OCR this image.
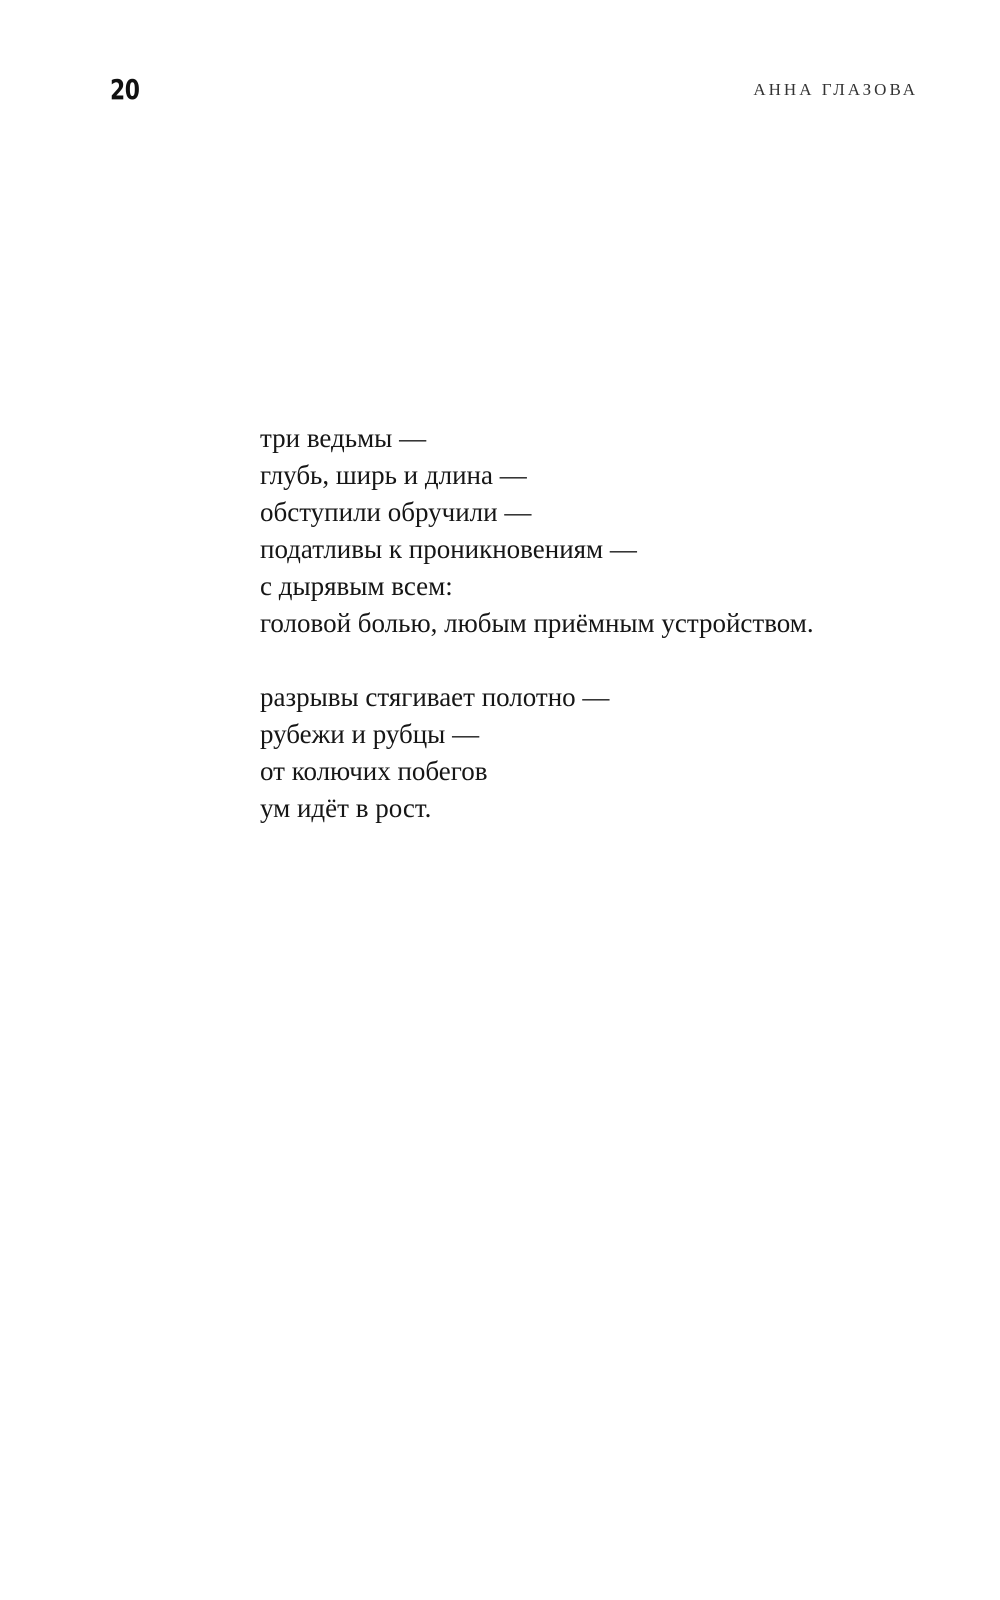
20	АННА ГЛАЗОВА
три ведьмы —
глубь, ширь и длина —
обступили обручили —
податливы к проникновениям —
с дырявым всем:
головой болью, любым приёмным устройством.
разрывы стягивает полотно —
рубежи и рубцы —
от колючих побегов
ум идёт в рост.
